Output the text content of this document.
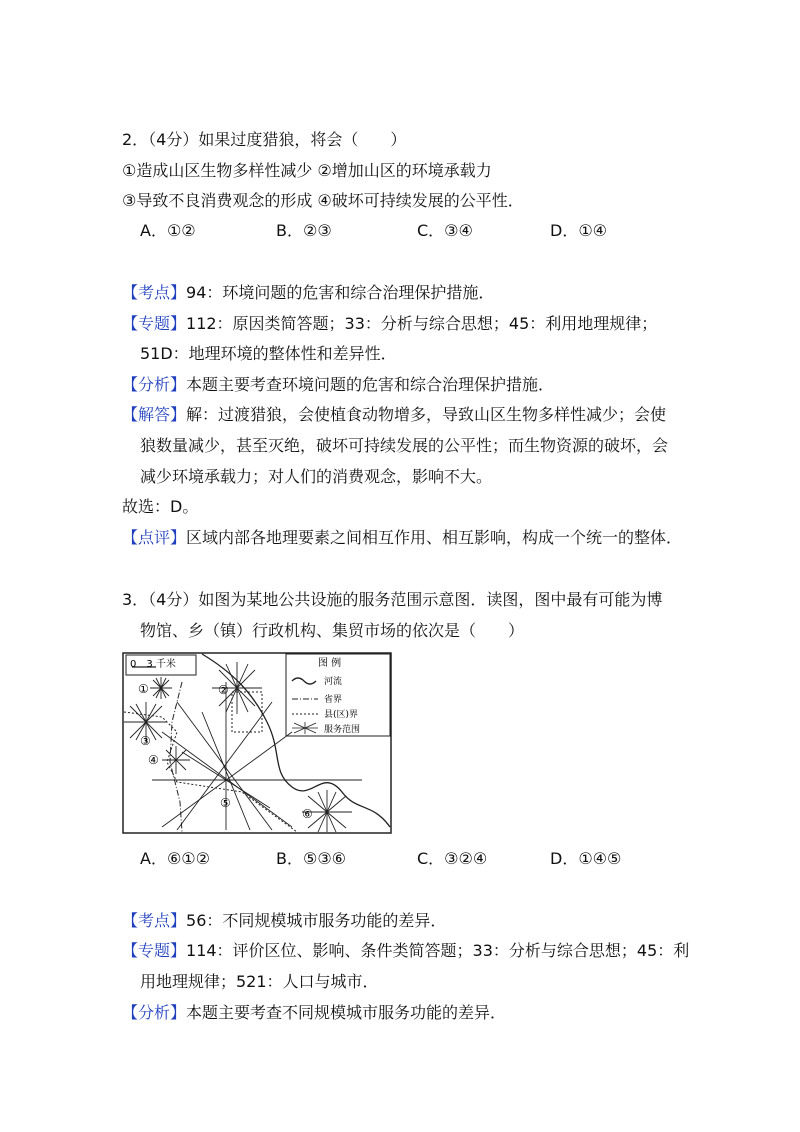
2．（4分）如果过度猎狼，将会（　　）
①造成山区生物多样性减少 ②增加山区的环境承载力
③导致不良消费观念的形成 ④破坏可持续发展的公平性．
A．①②	B．②③	C．③④	D．①④
【考点】94：环境问题的危害和综合治理保护措施．
【专题】112：原因类简答题；33：分析与综合思想；45：利用地理规律；
51D：地理环境的整体性和差异性．
【分析】本题主要考查环境问题的危害和综合治理保护措施．
【解答】解：过渡猎狼，会使植食动物增多，导致山区生物多样性减少；会使
狼数量减少，甚至灭绝，破坏可持续发展的公平性；而生物资源的破坏，会
减少环境承载力；对人们的消费观念，影响不大。
故选：D。
【点评】区域内部各地理要素之间相互作用、相互影响，构成一个统一的整体．
3．（4分）如图为某地公共设施的服务范围示意图．读图，图中最有可能为博
物馆、乡（镇）行政机构、集贸市场的依次是（　　）
0　3 千米	图 例
河流
省界
县(区)界
服务范围
①	②
③
④
⑤
⑥
A．⑥①②	B．⑤③⑥	C．③②④	D．①④⑤
【考点】56：不同规模城市服务功能的差异．
【专题】114：评价区位、影响、条件类简答题；33：分析与综合思想；45：利
用地理规律；521：人口与城市．
【分析】本题主要考查不同规模城市服务功能的差异．
